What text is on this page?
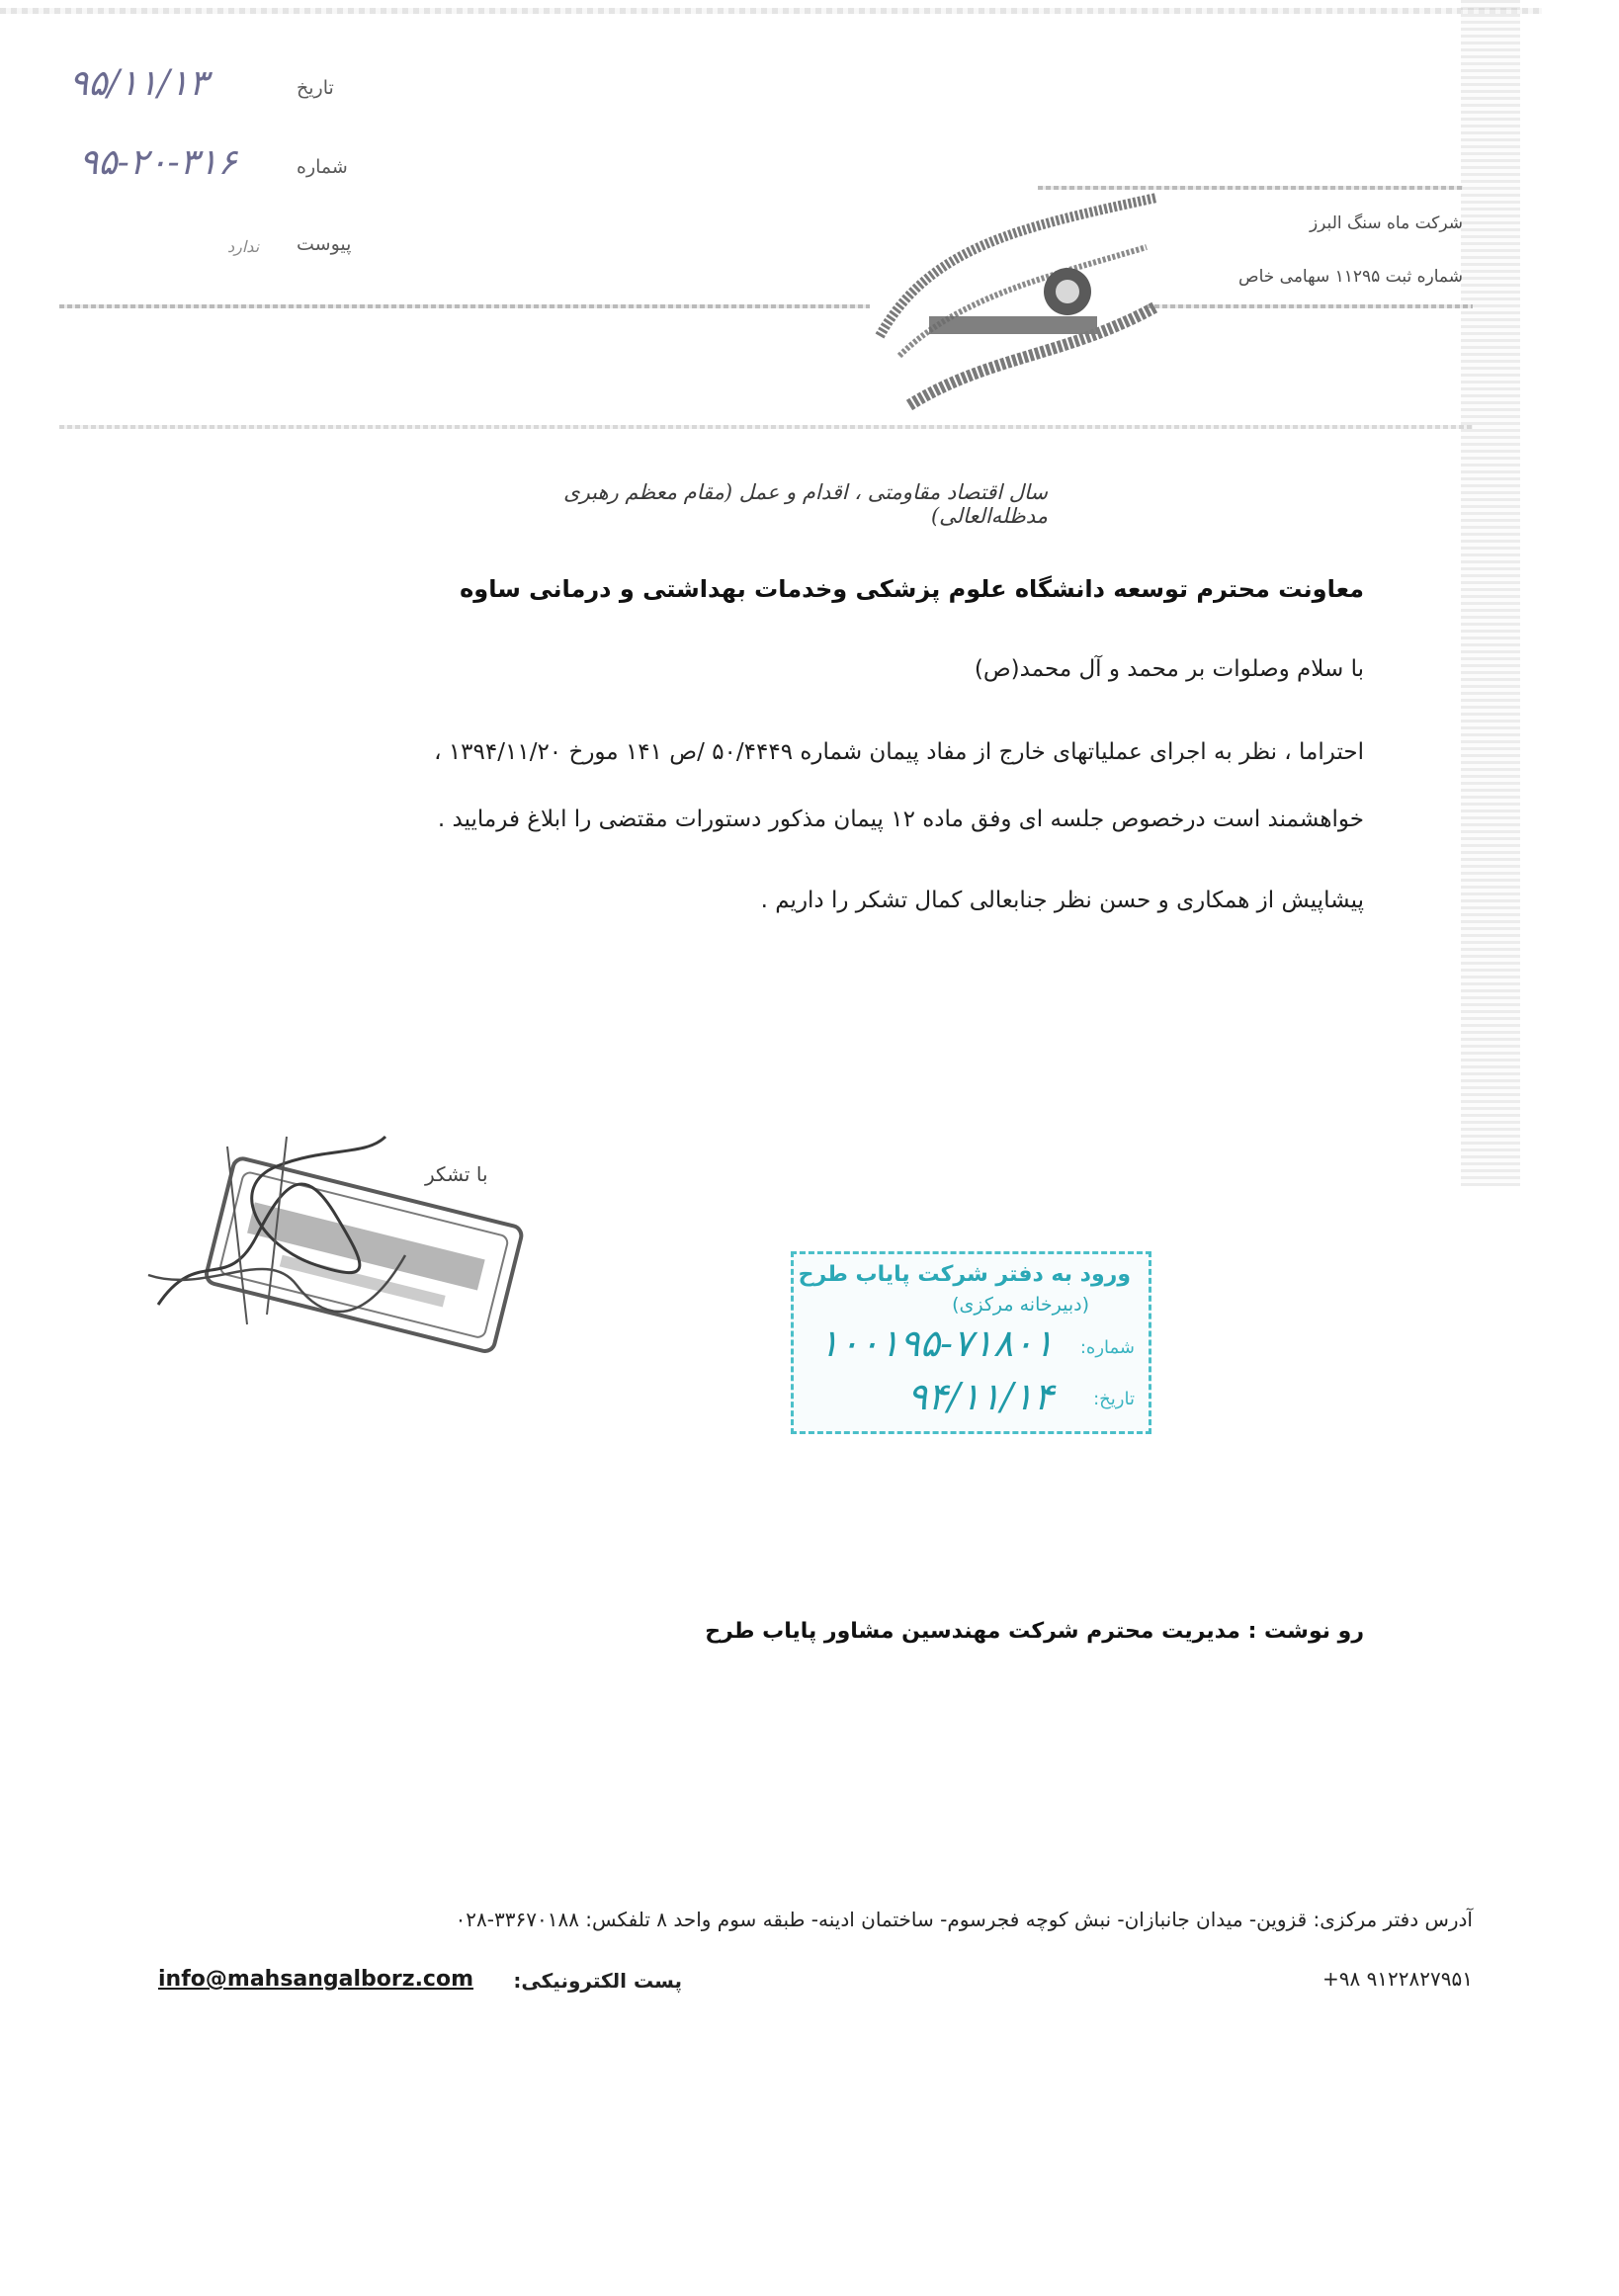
تاریخ
۹۵/۱۱/۱۳
شماره
۹۵-۲۰-۳۱۶
پیوست
ندارد
شرکت ماه سنگ البرز
شماره ثبت ۱۱۲۹۵ سهامی خاص
سال اقتصاد مقاومتی ، اقدام و عمل (مقام معظم رهبری مدظله‌العالی)
معاونت محترم توسعه دانشگاه علوم پزشکی وخدمات بهداشتی و درمانی ساوه
با سلام وصلوات بر محمد و آل محمد(ص)
احتراما ، نظر به اجرای عملیاتهای خارج از مفاد پیمان شماره ۵۰/۴۴۴۹ /ص ۱۴۱ مورخ ۱۳۹۴/۱۱/۲۰ ،
خواهشمند است درخصوص جلسه ای وفق ماده ۱۲ پیمان مذکور دستورات مقتضی را ابلاغ فرمایید .
پیشاپیش از همکاری و حسن نظر جنابعالی کمال تشکر را داریم .
با تشکر
ورود به دفتر شرکت پایاب طرح
(دبیرخانه مرکزی)
شماره:
۱۰۰۱۹۵-۷۱۸۰۱
تاریخ:
۹۴/۱۱/۱۴
رو نوشت : مدیریت محترم شرکت مهندسین مشاور پایاب طرح
آدرس دفتر مرکزی: قزوین- میدان جانبازان- نبش کوچه فجرسوم- ساختمان ادینه- طبقه سوم واحد ۸ تلفکس: ۳۳۶۷۰۱۸۸-۰۲۸
+۹۸ ۹۱۲۲۸۲۷۹۵۱
پست الکترونیکی:
info@mahsangalborz.com
